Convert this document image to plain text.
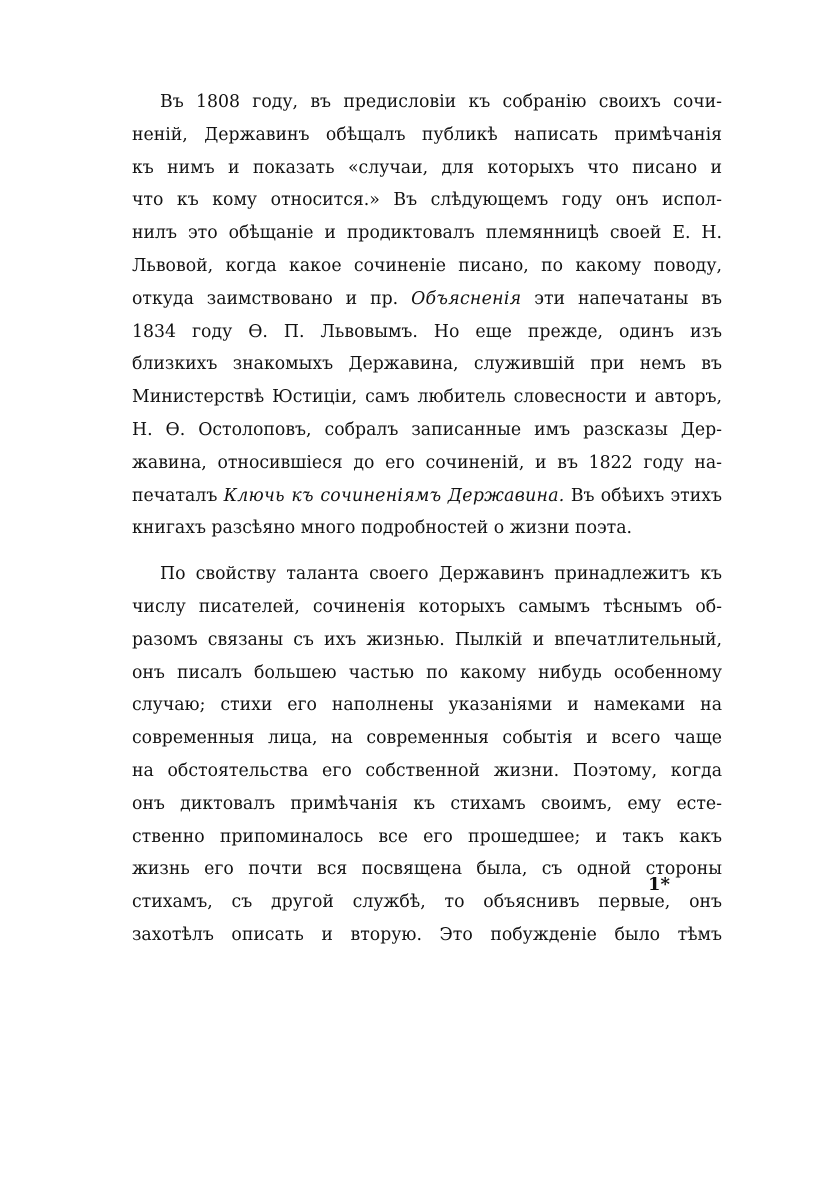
Въ 1808 году, въ предисловіи къ собранію своихъ сочи-
неній, Державинъ обѣщалъ публикѣ написать примѣчанія
къ нимъ и показать «случаи, для которыхъ что писано и
что къ кому относится.» Въ слѣдующемъ году онъ испол-
нилъ это обѣщаніе и продиктовалъ племянницѣ своей Е. Н.
Львовой, когда какое сочиненіе писано, по какому поводу,
откуда заимствовано и пр. Объясненія эти напечатаны въ
1834 году Ѳ. П. Львовымъ. Но еще прежде, одинъ изъ
близкихъ знакомыхъ Державина, служившій при немъ въ
Министерствѣ Юстиціи, самъ любитель словесности и авторъ,
Н. Ѳ. Остолоповъ, собралъ записанные имъ разсказы Дер-
жавина, относившіеся до его сочиненій, и въ 1822 году на-
печаталъ Ключь къ сочиненіямъ Державина. Въ обѣихъ этихъ
книгахъ разсѣяно много подробностей о жизни поэта.
По свойству таланта своего Державинъ принадлежитъ къ
числу писателей, сочиненія которыхъ самымъ тѣснымъ об-
разомъ связаны съ ихъ жизнью. Пылкій и впечатлительный,
онъ писалъ большею частью по какому нибудь особенному
случаю; стихи его наполнены указаніями и намеками на
современныя лица, на современныя событія и всего чаще
на обстоятельства его собственной жизни. Поэтому, когда
онъ диктовалъ примѣчанія къ стихамъ своимъ, ему есте-
ственно припоминалось все его прошедшее; и такъ какъ
жизнь его почти вся посвящена была, съ одной стороны
стихамъ, съ другой службѣ, то объяснивъ первые, онъ
захотѣлъ описать и вторую. Это побужденіе было тѣмъ
1*
